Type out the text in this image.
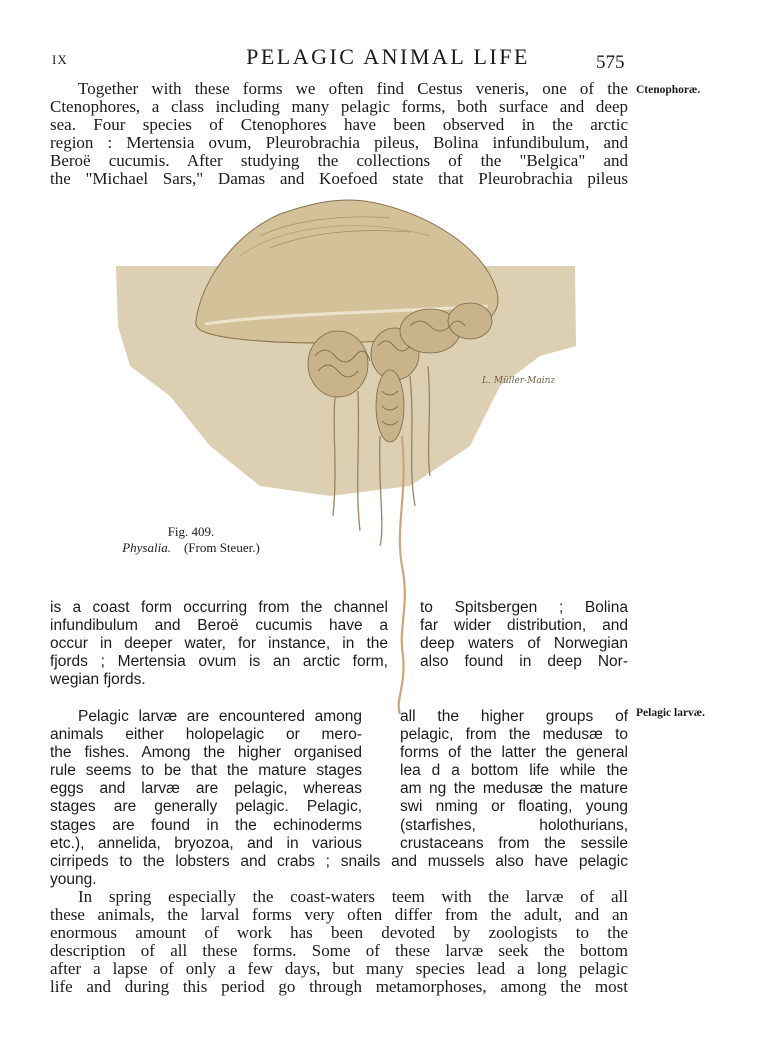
IX	PELAGIC ANIMAL LIFE	575
Ctenophoræ.
Pelagic larvæ.
Together with these forms we often find Cestus veneris, one of the
Ctenophores, a class including many pelagic forms, both surface and deep
sea. Four species of Ctenophores have been observed in the arctic
region : Mertensia ovum, Pleurobrachia pileus, Bolina infundibulum, and
Beroë cucumis. After studying the collections of the "Belgica" and
the "Michael Sars," Damas and Koefoed state that Pleurobrachia pileus
L. Müller-Mainz
Fig. 409.
Physalia. (From Steuer.)
is a coast form occurring from the channel
infundibulum and Beroë cucumis have a
occur in deeper water, for instance, in the
fjords ; Mertensia ovum is an arctic form,
wegian fjords.
to Spitsbergen ; Bolina
far wider distribution, and
deep waters of Norwegian
also found in deep Nor-
Pelagic larvæ are encountered among
animals either holopelagic or mero-
the fishes. Among the higher organised
rule seems to be that the mature stages
eggs and larvæ are pelagic, whereas
stages are generally pelagic. Pelagic,
stages are found in the echinoderms
etc.), annelida, bryozoa, and in various
all the higher groups of
pelagic, from the medusæ to
forms of the latter the general
lea d a bottom life while the
am ng the medusæ the mature
swi nming or floating, young
(starfishes, holothurians,
crustaceans from the sessile
cirripeds to the lobsters and crabs ; snails and mussels also have pelagic
young.
In spring especially the coast-waters teem with the larvæ of all
these animals, the larval forms very often differ from the adult, and an
enormous amount of work has been devoted by zoologists to the
description of all these forms. Some of these larvæ seek the bottom
after a lapse of only a few days, but many species lead a long pelagic
life and during this period go through metamorphoses, among the most
